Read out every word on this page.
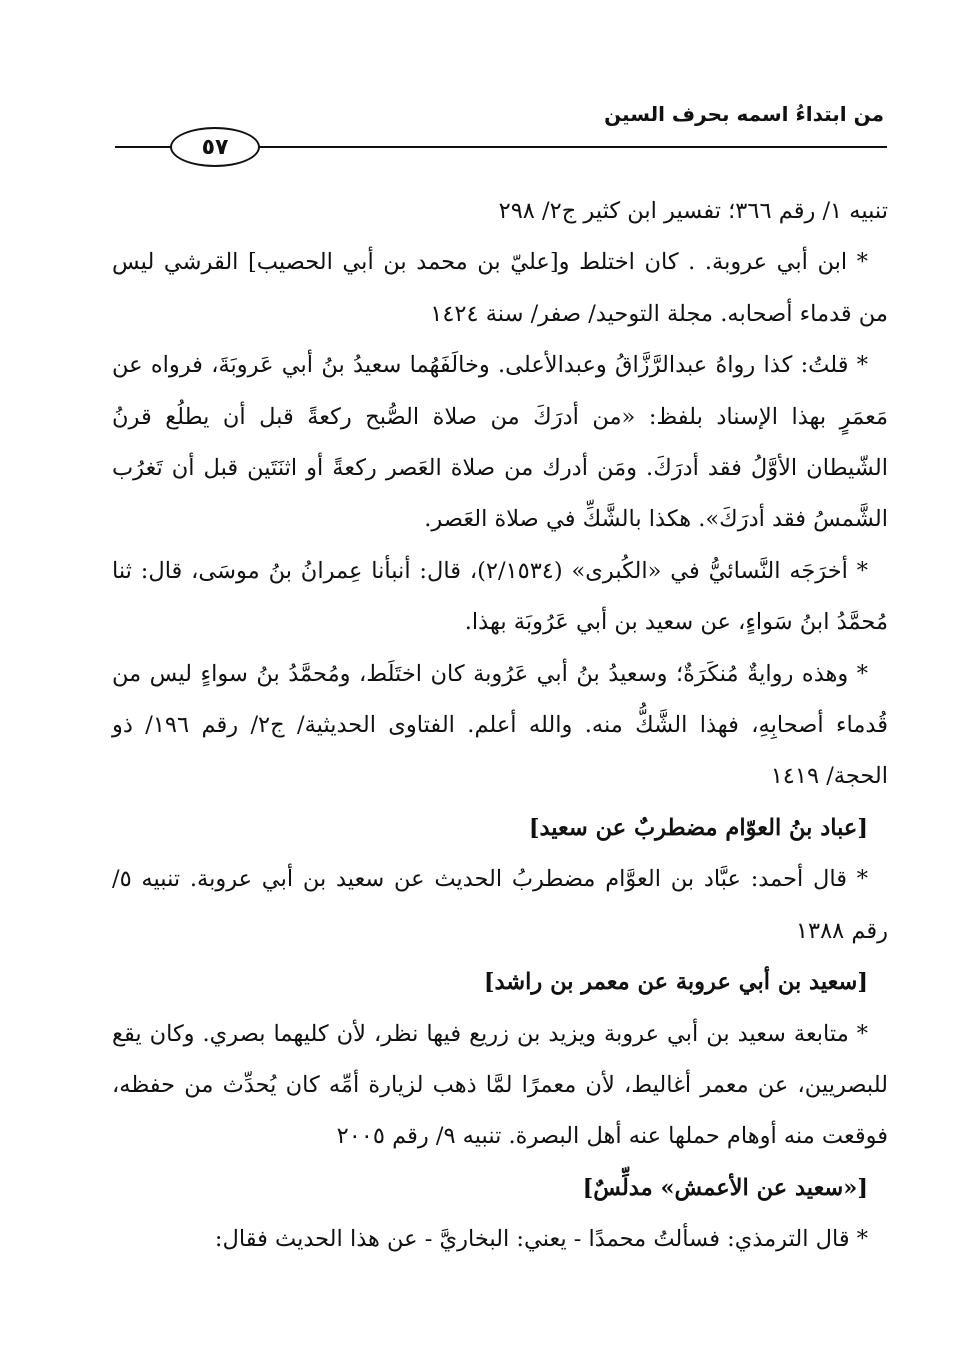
من ابتداءُ اسمه بحرف السين
٥٧

تنبيه ١/ رقم ٣٦٦؛ تفسير ابن كثير ج٢/ ٢٩٨

* ابن أبي عروبة. . كان اختلط و[عليّ بن محمد بن أبي الحصيب] القرشي ليس من قدماء أصحابه. مجلة التوحيد/ صفر/ سنة ١٤٢٤

* قلتُ: كذا رواهُ عبدالرَّزَّاقُ وعبدالأعلى. وخالَفَهُما سعيدُ بنُ أبي عَروبَةَ، فرواه عن مَعمَرٍ بهذا الإسناد بلفظ: «من أدرَكَ من صلاة الصُّبح ركعةً قبل أن يطلُع قرنُ الشّيطان الأوَّلُ فقد أدرَكَ. ومَن أدرك من صلاة العَصر ركعةً أو اثنَتَين قبل أن تَغرُب الشَّمسُ فقد أدرَكَ». هكذا بالشَّكِّ في صلاة العَصر.

* أخرَجَه النَّسائيُّ في «الكُبرى» (٢/١٥٣٤)، قال: أنبأنا عِمرانُ بنُ موسَى، قال: ثنا مُحمَّدُ ابنُ سَواءٍ، عن سعيد بن أبي عَرُوبَة بهذا.

* وهذه روايةٌ مُنكَرَةٌ؛ وسعيدُ بنُ أبي عَرُوبة كان اختَلَط، ومُحمَّدُ بنُ سواءٍ ليس من قُدماء أصحابِهِ، فهذا الشَّكُّ منه. والله أعلم. الفتاوى الحديثية/ ج٢/ رقم ١٩٦/ ذو الحجة/ ١٤١٩

[عباد بنُ العوّام مضطربٌ عن سعيد]

* قال أحمد: عبَّاد بن العوَّام مضطربُ الحديث عن سعيد بن أبي عروبة. تنبيه ٥/ رقم ١٣٨٨

[سعيد بن أبي عروبة عن معمر بن راشد]

* متابعة سعيد بن أبي عروبة ويزيد بن زريع فيها نظر، لأن كليهما بصري. وكان يقع للبصريين، عن معمر أغاليط، لأن معمرًا لمَّا ذهب لزيارة أمِّه كان يُحدِّث من حفظه، فوقعت منه أوهام حملها عنه أهل البصرة. تنبيه ٩/ رقم ٢٠٠٥

[«سعيد عن الأعمش» مدلِّسٌ]

* قال الترمذي: فسألتُ محمدًا - يعني: البخاريَّ - عن هذا الحديث فقال:
